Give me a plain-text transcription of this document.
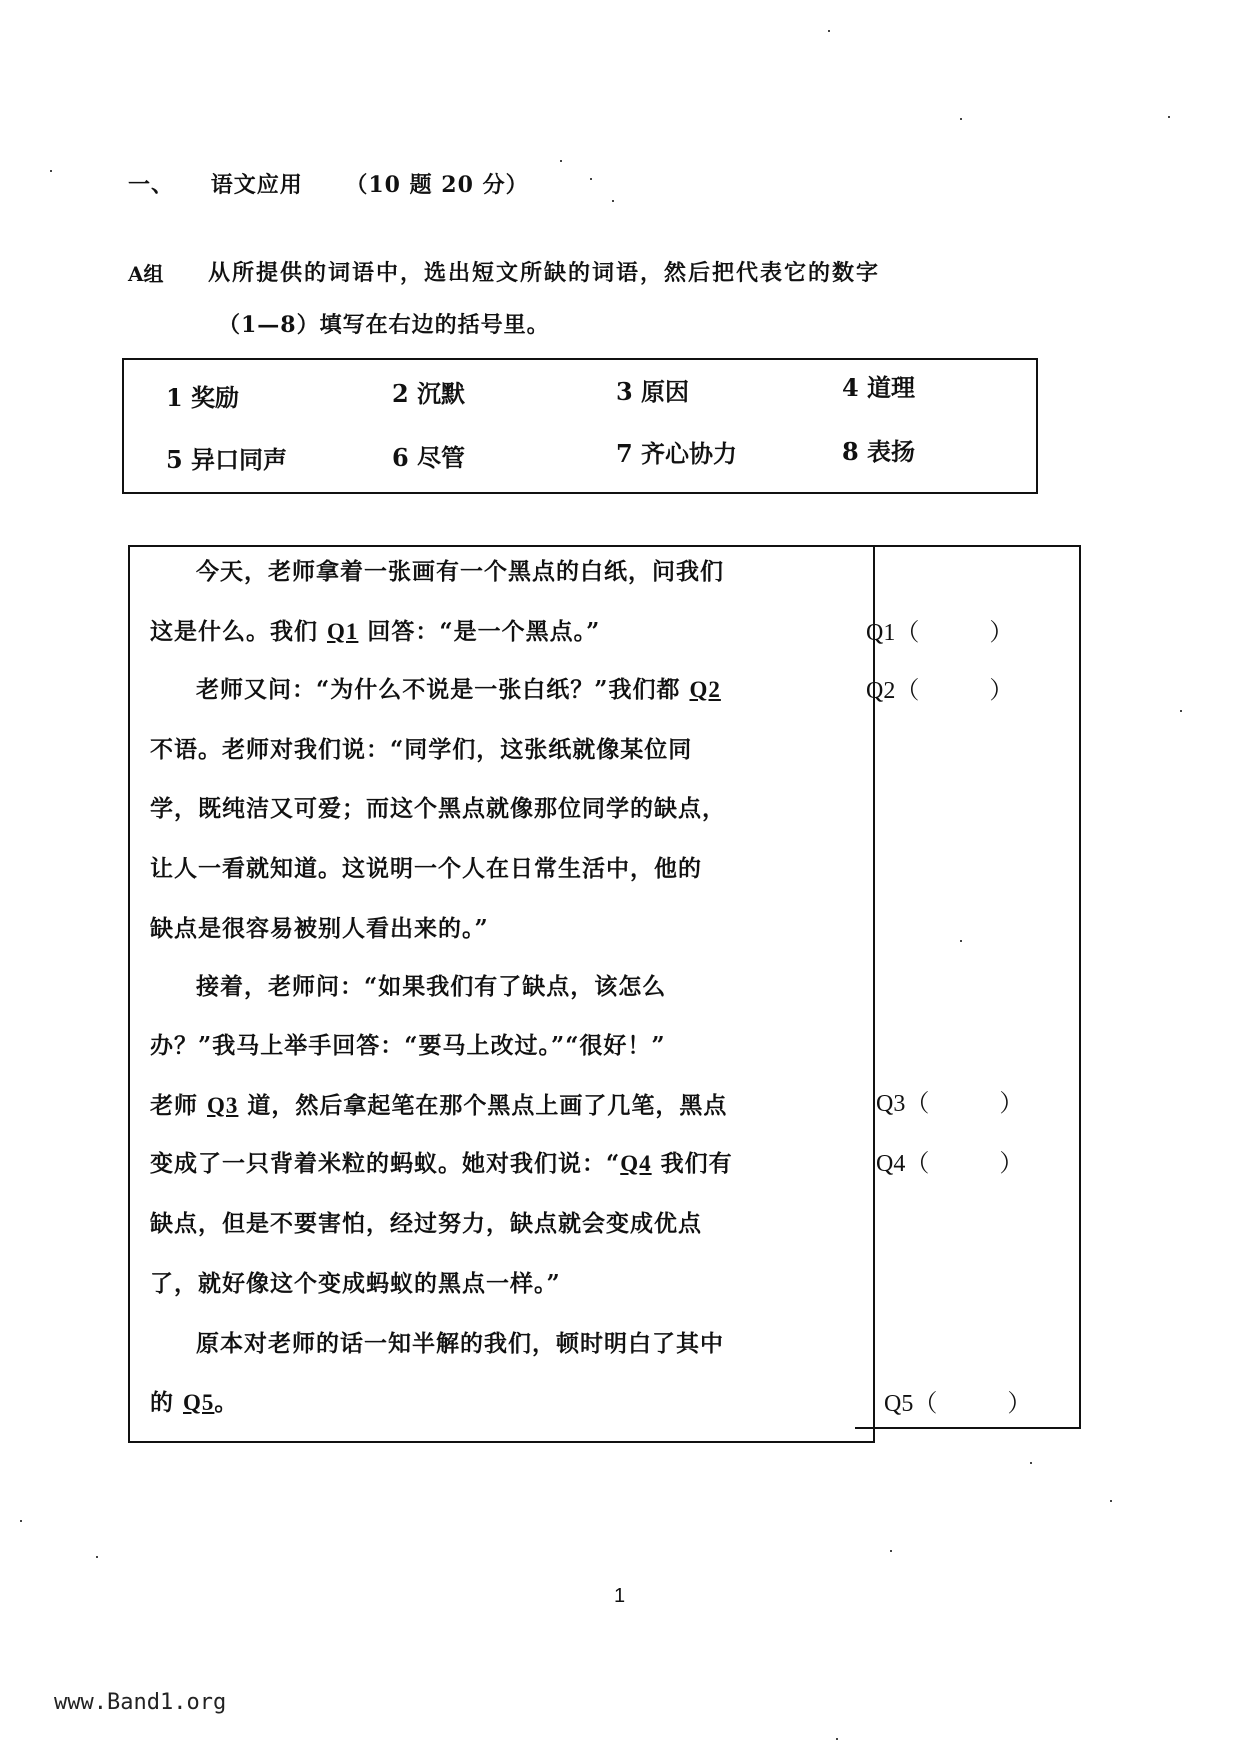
一、 语文应用 （10 题 20 分）
A组 从所提供的词语中，选出短文所缺的词语，然后把代表它的数字
（1—8）填写在右边的括号里。
1 奖励	2 沉默	3 原因	4 道理
5 异口同声	6 尽管	7 齐心协力	8 表扬
今天，老师拿着一张画有一个黑点的白纸，问我们
这是什么。我们 Q1 回答：“是一个黑点。”
老师又问：“为什么不说是一张白纸？”我们都 Q2
不语。老师对我们说：“同学们，这张纸就像某位同
学，既纯洁又可爱；而这个黑点就像那位同学的缺点，
让人一看就知道。这说明一个人在日常生活中，他的
缺点是很容易被别人看出来的。”
接着，老师问：“如果我们有了缺点，该怎么
办？”我马上举手回答：“要马上改过。”“很好！”
老师 Q3 道，然后拿起笔在那个黑点上画了几笔，黑点
变成了一只背着米粒的蚂蚁。她对我们说：“Q4 我们有
缺点，但是不要害怕，经过努力，缺点就会变成优点
了，就好像这个变成蚂蚁的黑点一样。”
原本对老师的话一知半解的我们，顿时明白了其中
的 Q5。
Q1（	）
Q2（	）
Q3（	）
Q4（	）
Q5（	）
1
www.Band1.org
